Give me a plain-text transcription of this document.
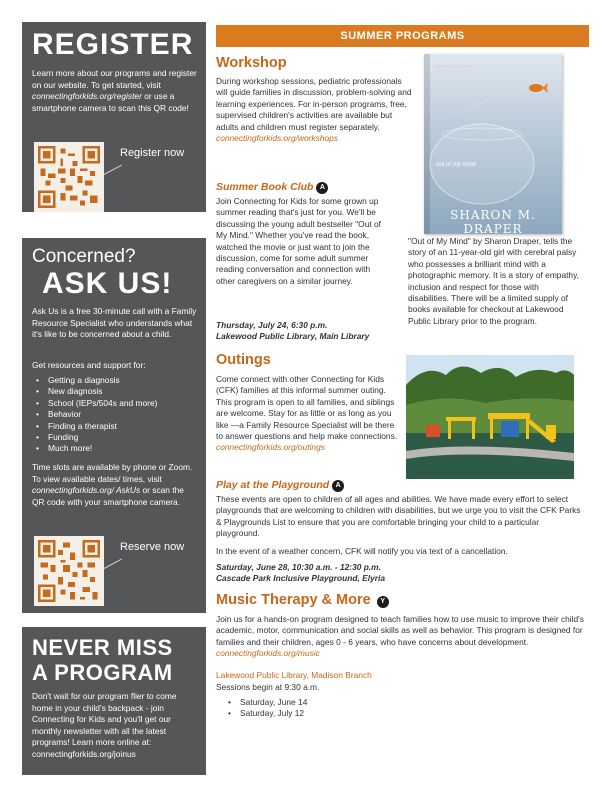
REGISTER
Learn more about our programs and register on our website. To get started, visit connectingforkids.org/register or use a smartphone camera to scan this QR code!
Register now
Concerned?
ASK US!
Ask Us is a free 30-minute call with a Family Resource Specialist who understands what it's like to be concerned about a child.
Get resources and support for:
• Getting a diagnosis
• New diagnosis
• School (IEPs/504s and more)
• Behavior
• Finding a therapist
• Funding
• Much more!
Time slots are available by phone or Zoom. To view available dates/ times, visit connectingforkids.org/ AskUs or scan the QR code with your smartphone camera.
Reserve now
NEVER MISS
A PROGRAM
Don't wait for our program flier to come home in your child's backpack - join Connecting for Kids and you'll get our monthly newsletter with all the latest programs! Learn more online at: connectingforkids.org/joinus
SUMMER PROGRAMS
Workshop
During workshop sessions, pediatric professionals will guide families in discussion, problem-solving and learning experiences. For in-person programs, free, supervised children's activities are available but adults and children must register separately.
connectingforkids.org/workshops
· · · · · · · · · · · · · ·
out of my mind
SHARON M. DRAPER
Summer Book Club A
Join Connecting for Kids for some grown up summer reading that's just for you. We'll be discussing the young adult bestseller "Out of My Mind." Whether you've read the book, watched the movie or just want to join the discussion, come for some adult summer reading conversation and connection with other caregivers on a similar journey.
Thursday, July 24, 6:30 p.m.
Lakewood Public Library, Main Library
"Out of My Mind" by Sharon Draper, tells the story of an 11-year-old girl with cerebral palsy who possesses a brilliant mind with a photographic memory. It is a story of empathy, inclusion and respect for those with disabilities. There will be a limited supply of books available for checkout at Lakewood Public Library prior to the program.
Outings
Come connect with other Connecting for Kids (CFK) families at this informal summer outing. This program is open to all families, and siblings are welcome. Stay for as little or as long as you like —a Family Resource Specialist will be there to answer questions and help make connections.
connectingforkids.org/outings
Play at the Playground A
These events are open to children of all ages and abilities. We have made every effort to select playgrounds that are welcoming to children with disabilities, but we urge you to visit the CFK Parks & Playgrounds List to ensure that you are comfortable bringing your child to a particular playground.
In the event of a weather concern, CFK will notify you via text of a cancellation.
Saturday, June 28, 10:30 a.m. - 12:30 p.m.
Cascade Park Inclusive Playground, Elyria
Music Therapy & More Y
Join us for a hands-on program designed to teach families how to use music to improve their child's academic, motor, communication and social skills as well as behavior. This program is designed for families and their children, ages 0 - 6 years, who have concerns about development. connectingforkids.org/music
Lakewood Public Library, Madison Branch
Sessions begin at 9:30 a.m.
• Saturday, June 14
• Saturday, July 12
